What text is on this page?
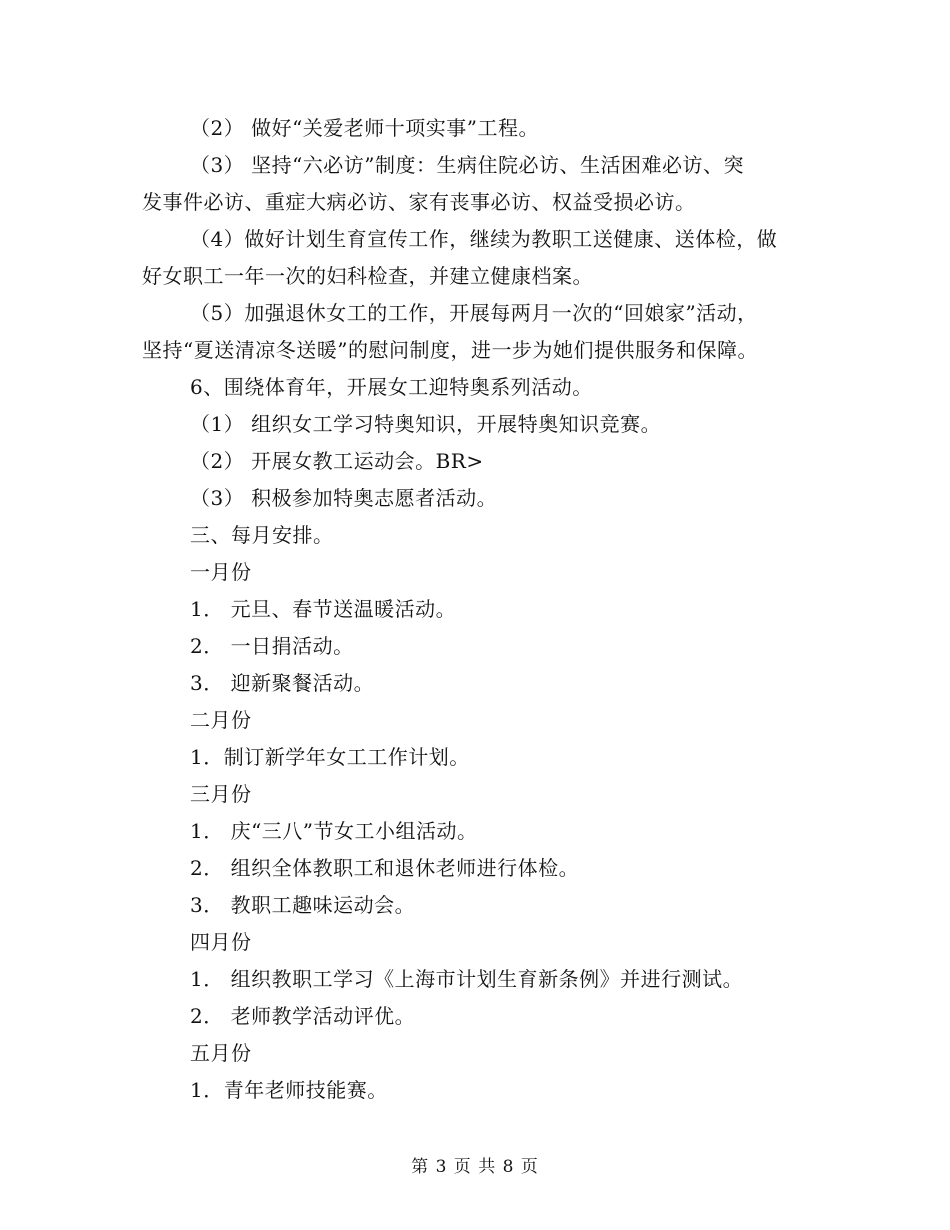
（2） 做好“关爱老师十项实事”工程。
（3） 坚持“六必访”制度：生病住院必访、生活困难必访、突
发事件必访、重症大病必访、家有丧事必访、权益受损必访。
（4）做好计划生育宣传工作，继续为教职工送健康、送体检，做
好女职工一年一次的妇科检查，并建立健康档案。
（5）加强退休女工的工作，开展每两月一次的“回娘家”活动，
坚持“夏送清凉冬送暖”的慰问制度，进一步为她们提供服务和保障。
6、围绕体育年，开展女工迎特奥系列活动。
（1） 组织女工学习特奥知识，开展特奥知识竞赛。
（2） 开展女教工运动会。BR>
（3） 积极参加特奥志愿者活动。
三、每月安排。
一月份
1． 元旦、春节送温暖活动。
2． 一日捐活动。
3． 迎新聚餐活动。
二月份
1．制订新学年女工工作计划。
三月份
1． 庆“三八”节女工小组活动。
2． 组织全体教职工和退休老师进行体检。
3． 教职工趣味运动会。
四月份
1． 组织教职工学习《上海市计划生育新条例》并进行测试。
2． 老师教学活动评优。
五月份
1．青年老师技能赛。
第 3 页 共 8 页
